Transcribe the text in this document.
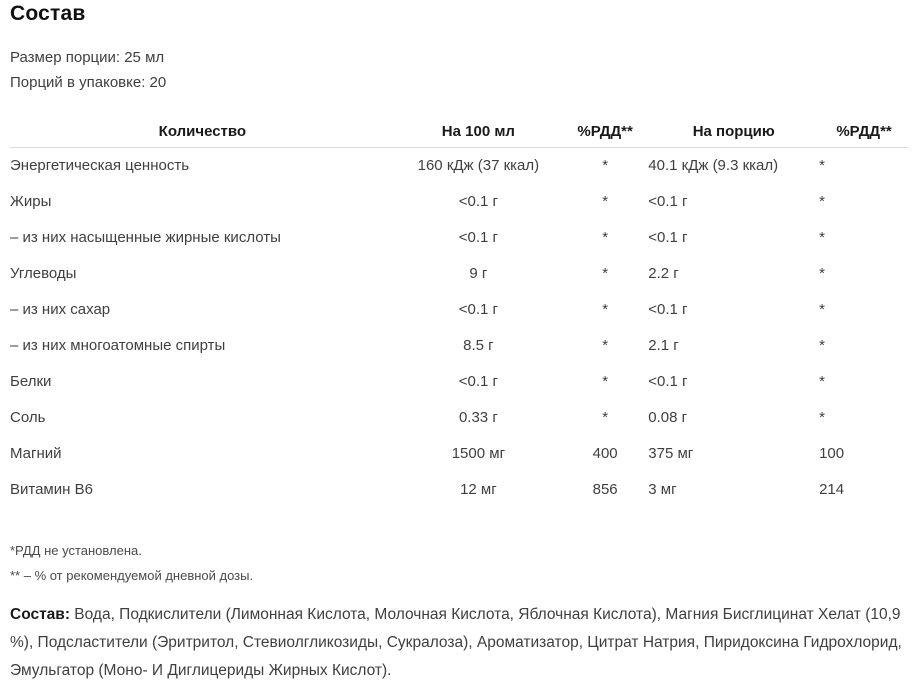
Состав
Размер порции: 25 мл
Порций в упаковке: 20
Количество	На 100 мл	%РДД**	На порцию	%РДД**
Энергетическая ценность	160 кДж (37 ккал)	*	40.1 кДж (9.3 ккал)	*
Жиры	<0.1 г	*	<0.1 г	*
– из них насыщенные жирные кислоты	<0.1 г	*	<0.1 г	*
Углеводы	9 г	*	2.2 г	*
– из них сахар	<0.1 г	*	<0.1 г	*
– из них многоатомные спирты	8.5 г	*	2.1 г	*
Белки	<0.1 г	*	<0.1 г	*
Соль	0.33 г	*	0.08 г	*
Магний	1500 мг	400	375 мг	100
Витамин B6	12 мг	856	3 мг	214
*РДД не установлена.
** – % от рекомендуемой дневной дозы.

Состав: Вода, Подкислители (Лимонная Кислота, Молочная Кислота, Яблочная Кислота), Магния Бисглицинат Хелат (10,9 %), Подсластители (Эритритол, Стевиолгликозиды, Сукралоза), Ароматизатор, Цитрат Натрия, Пиридоксина Гидрохлорид, Эмульгатор (Моно- И Диглицериды Жирных Кислот).
